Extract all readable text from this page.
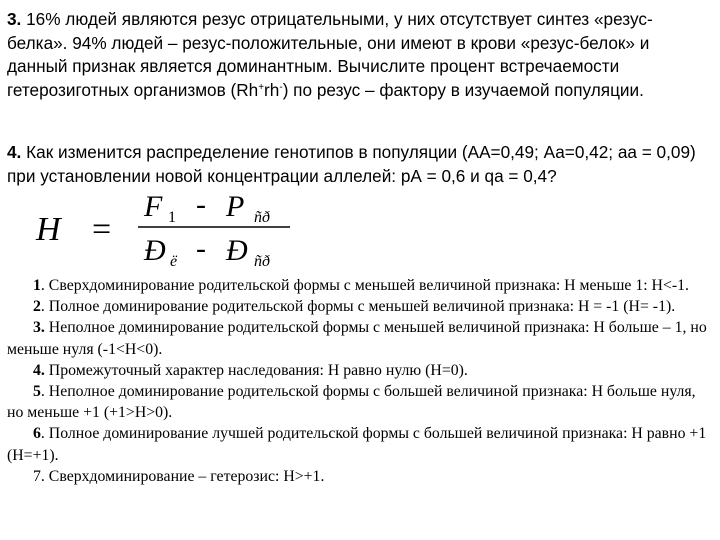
3. 16% людей являются резус отрицательными, у них отсутствует синтез «резус-белка». 94% людей – резус-положительные, они имеют в крови «резус-белок» и данный признак является доминантным. Вычислите процент встречаемости гетерозиготных организмов (Rh+rh-) по резус – фактору в изучаемой популяции.

4. Как изменится распределение генотипов в популяции (АА=0,49; Аа=0,42; аа = 0,09) при установлении новой концентрации аллелей: рА = 0,6 и qa = 0,4?

H =
F 1 - P ñð
Đ ё - Đ ñð

1. Сверхдоминирование родительской формы с меньшей величиной признака: Н меньше 1: Н<-1.

2. Полное доминирование родительской формы с меньшей величиной признака: Н = -1 (Н= -1).

3. Неполное доминирование родительской формы с меньшей величиной признака: Н больше – 1, но меньше нуля (-1<Н<0).

4. Промежуточный характер наследования: Н равно нулю (Н=0).

5. Неполное доминирование родительской формы с большей величиной признака: Н больше нуля, но меньше +1 (+1>Н>0).

6. Полное доминирование лучшей родительской формы с большей величиной признака: Н равно +1 (Н=+1).

7. Сверхдоминирование – гетерозис: Н>+1.
